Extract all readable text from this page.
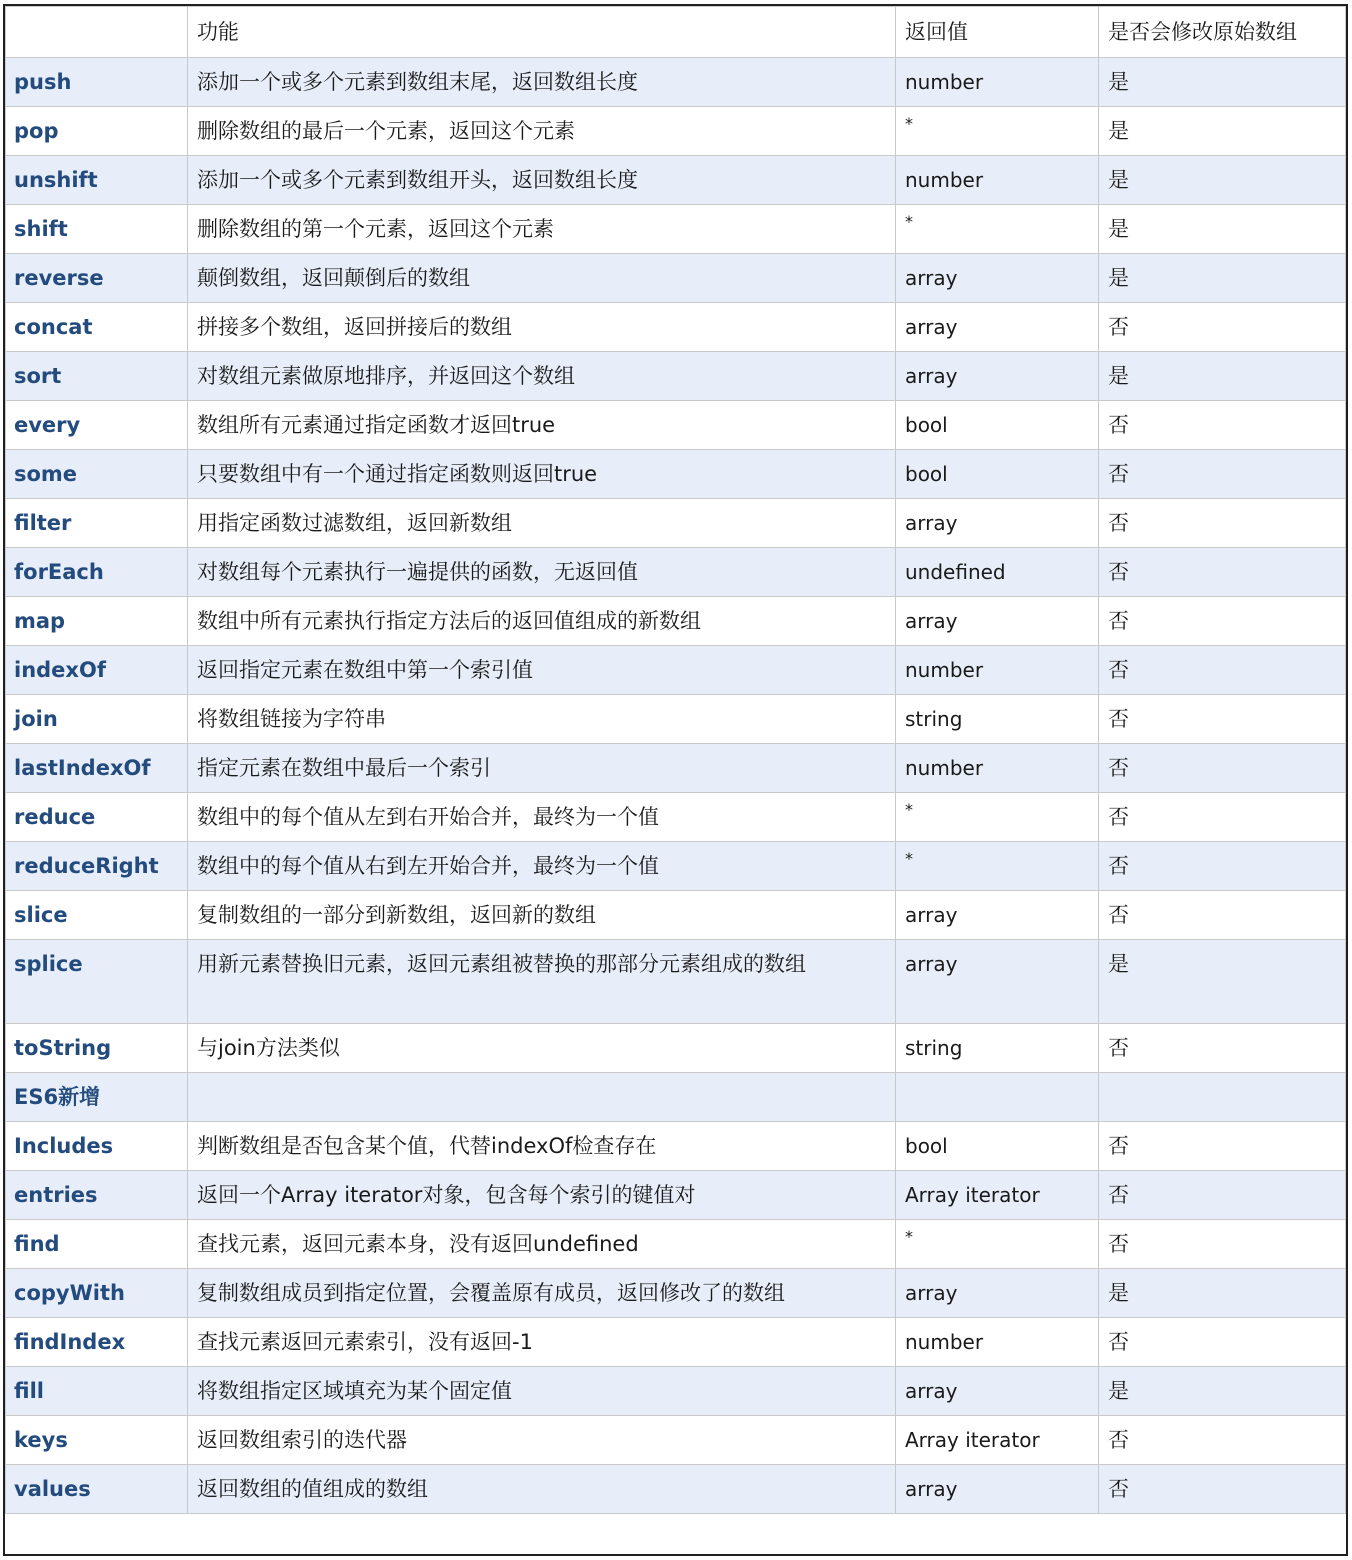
	功能	返回值	是否会修改原始数组
push	添加一个或多个元素到数组末尾，返回数组长度	number	是
pop	删除数组的最后一个元素，返回这个元素	*	是
unshift	添加一个或多个元素到数组开头，返回数组长度	number	是
shift	删除数组的第一个元素，返回这个元素	*	是
reverse	颠倒数组，返回颠倒后的数组	array	是
concat	拼接多个数组，返回拼接后的数组	array	否
sort	对数组元素做原地排序，并返回这个数组	array	是
every	数组所有元素通过指定函数才返回true	bool	否
some	只要数组中有一个通过指定函数则返回true	bool	否
filter	用指定函数过滤数组，返回新数组	array	否
forEach	对数组每个元素执行一遍提供的函数，无返回值	undefined	否
map	数组中所有元素执行指定方法后的返回值组成的新数组	array	否
indexOf	返回指定元素在数组中第一个索引值	number	否
join	将数组链接为字符串	string	否
lastIndexOf	指定元素在数组中最后一个索引	number	否
reduce	数组中的每个值从左到右开始合并，最终为一个值	*	否
reduceRight	数组中的每个值从右到左开始合并，最终为一个值	*	否
slice	复制数组的一部分到新数组，返回新的数组	array	否
splice	用新元素替换旧元素，返回元素组被替换的那部分元素组成的数组	array	是
toString	与join方法类似	string	否
ES6新增			
Includes	判断数组是否包含某个值，代替indexOf检查存在	bool	否
entries	返回一个Array iterator对象，包含每个索引的键值对	Array iterator	否
find	查找元素，返回元素本身，没有返回undefined	*	否
copyWith	复制数组成员到指定位置，会覆盖原有成员，返回修改了的数组	array	是
findIndex	查找元素返回元素索引，没有返回-1	number	否
fill	将数组指定区域填充为某个固定值	array	是
keys	返回数组索引的迭代器	Array iterator	否
values	返回数组的值组成的数组	array	否
